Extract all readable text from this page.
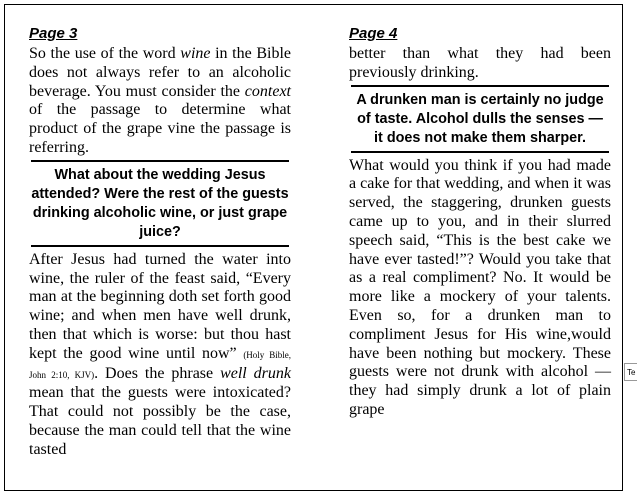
Page 3

So the use of the word wine in the Bible does not always refer to an alcoholic beverage. You must consider the context of the passage to determine what product of the grape vine the passage is referring.

What about the wedding Jesus attended? Were the rest of the guests drinking alcoholic wine, or just grape juice?

After Jesus had turned the water into wine, the ruler of the feast said, “Every man at the beginning doth set forth good wine; and when men have well drunk, then that which is worse: but thou hast kept the good wine until now” (Holy Bible, John 2:10, KJV). Does the phrase well drunk mean that the guests were intoxicated? That could not possibly be the case, because the man could tell that the wine tasted

Page 4

better than what they had been previously drinking.

A drunken man is certainly no judge of taste. Alcohol dulls the senses — it does not make them sharper.

What would you think if you had made a cake for that wedding, and when it was served, the staggering, drunken guests came up to you, and in their slurred speech said, “This is the best cake we have ever tasted!”? Would you take that as a real compliment? No. It would be more like a mockery of your talents. Even so, for a drunken man to compliment Jesus for His wine,would have been nothing but mockery. These guests were not drunk with alcohol — they had simply drunk a lot of plain grape

Te
